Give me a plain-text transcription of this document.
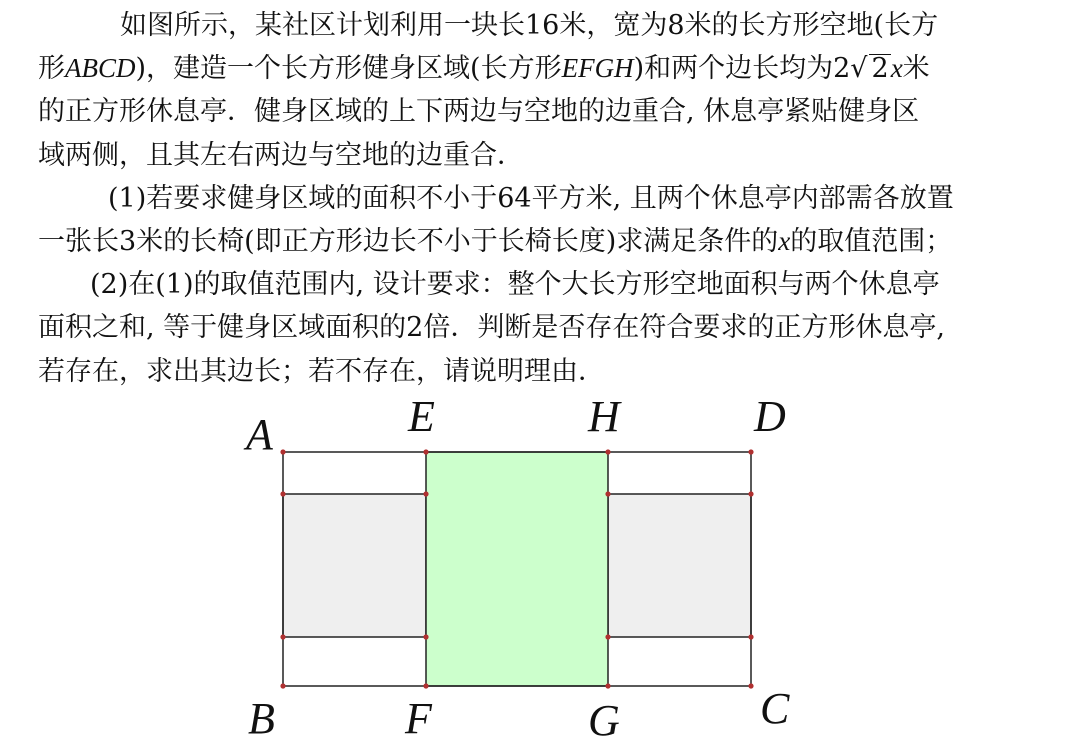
如图所示，某社区计划利用一块长16米，宽为8米的长方形空地(长方
形ABCD)，建造一个长方形健身区域(长方形EFGH)和两个边长均为2√ 2x米
的正方形休息亭．健身区域的上下两边与空地的边重合, 休息亭紧贴健身区
域两侧，且其左右两边与空地的边重合．
(1)若要求健身区域的面积不小于64平方米, 且两个休息亭内部需各放置
一张长3米的长椅(即正方形边长不小于长椅长度)求满足条件的x的取值范围；
(2)在(1)的取值范围内, 设计要求：整个大长方形空地面积与两个休息亭
面积之和, 等于健身区域面积的2倍．判断是否存在符合要求的正方形休息亭,
若存在，求出其边长；若不存在，请说明理由．
A	E	H	D
B	F	G	C
